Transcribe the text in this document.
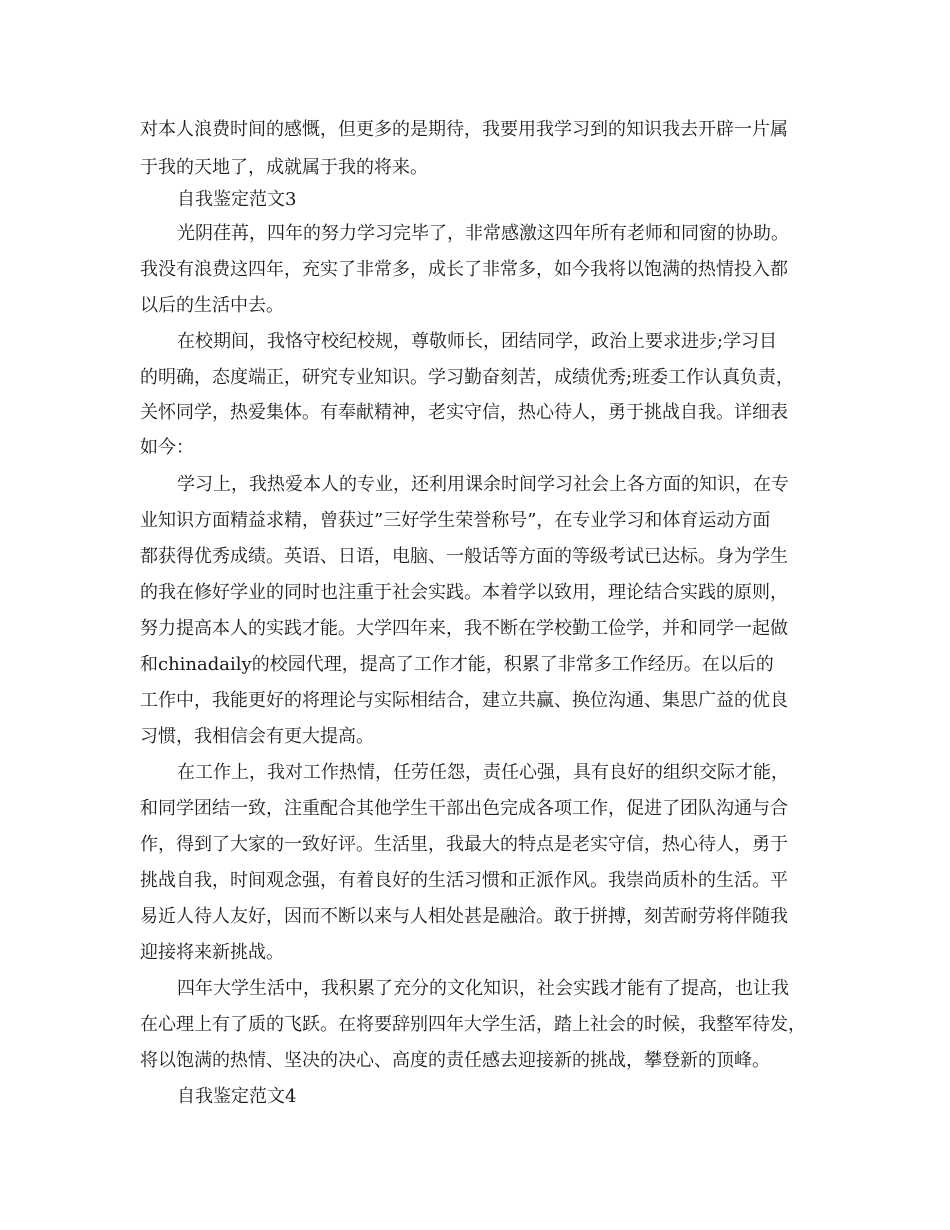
对本人浪费时间的感慨，但更多的是期待，我要用我学习到的知识我去开辟一片属

于我的天地了，成就属于我的将来。

自我鉴定范文3

光阴荏苒，四年的努力学习完毕了，非常感激这四年所有老师和同窗的协助。

我没有浪费这四年，充实了非常多，成长了非常多，如今我将以饱满的热情投入都

以后的生活中去。

在校期间，我恪守校纪校规，尊敬师长，团结同学，政治上要求进步;学习目

的明确，态度端正，研究专业知识。学习勤奋刻苦，成绩优秀;班委工作认真负责，

关怀同学，热爱集体。有奉献精神，老实守信，热心待人，勇于挑战自我。详细表

如今：

学习上，我热爱本人的专业，还利用课余时间学习社会上各方面的知识，在专

业知识方面精益求精，曾获过”三好学生荣誉称号”，在专业学习和体育运动方面

都获得优秀成绩。英语、日语，电脑、一般话等方面的等级考试已达标。身为学生

的我在修好学业的同时也注重于社会实践。本着学以致用，理论结合实践的原则，

努力提高本人的实践才能。大学四年来，我不断在学校勤工俭学，并和同学一起做

和chinadaily的校园代理，提高了工作才能，积累了非常多工作经历。在以后的

工作中，我能更好的将理论与实际相结合，建立共赢、换位沟通、集思广益的优良

习惯，我相信会有更大提高。

在工作上，我对工作热情，任劳任怨，责任心强，具有良好的组织交际才能，

和同学团结一致，注重配合其他学生干部出色完成各项工作，促进了团队沟通与合

作，得到了大家的一致好评。生活里，我最大的特点是老实守信，热心待人，勇于

挑战自我，时间观念强，有着良好的生活习惯和正派作风。我崇尚质朴的生活。平

易近人待人友好，因而不断以来与人相处甚是融洽。敢于拼搏，刻苦耐劳将伴随我

迎接将来新挑战。

四年大学生活中，我积累了充分的文化知识，社会实践才能有了提高，也让我

在心理上有了质的飞跃。在将要辞别四年大学生活，踏上社会的时候，我整军待发，

将以饱满的热情、坚决的决心、高度的责任感去迎接新的挑战，攀登新的顶峰。

自我鉴定范文4
